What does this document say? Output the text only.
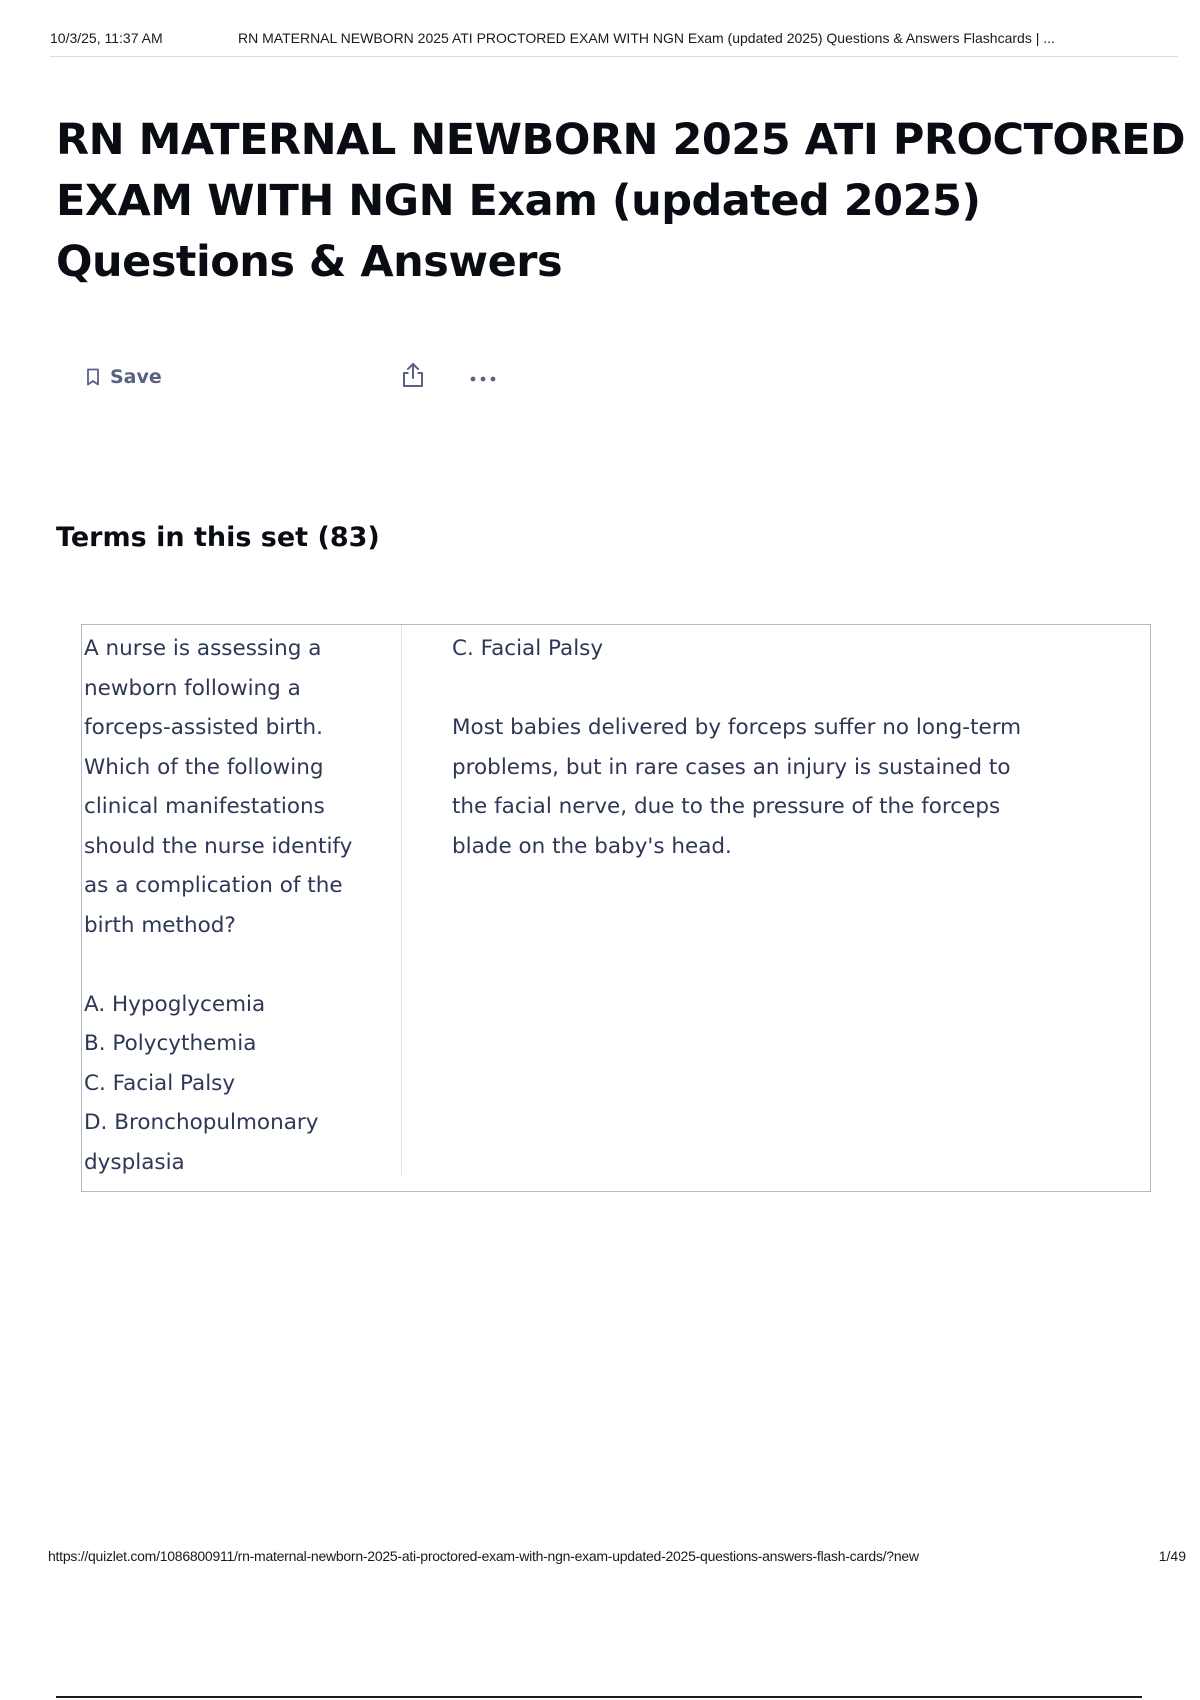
10/3/25, 11:37 AM	RN MATERNAL NEWBORN 2025 ATI PROCTORED EXAM WITH NGN Exam (updated 2025) Questions & Answers Flashcards | ...
RN MATERNAL NEWBORN 2025 ATI PROCTORED EXAM WITH NGN Exam (updated 2025) Questions & Answers
Save
Terms in this set (83)
A nurse is assessing a
newborn following a
forceps-assisted birth.
Which of the following
clinical manifestations
should the nurse identify
as a complication of the
birth method?

A. Hypoglycemia
B. Polycythemia
C. Facial Palsy
D. Bronchopulmonary
dysplasia
C. Facial Palsy

Most babies delivered by forceps suffer no long-term
problems, but in rare cases an injury is sustained to
the facial nerve, due to the pressure of the forceps
blade on the baby's head.
https://quizlet.com/1086800911/rn-maternal-newborn-2025-ati-proctored-exam-with-ngn-exam-updated-2025-questions-answers-flash-cards/?new	1/49
